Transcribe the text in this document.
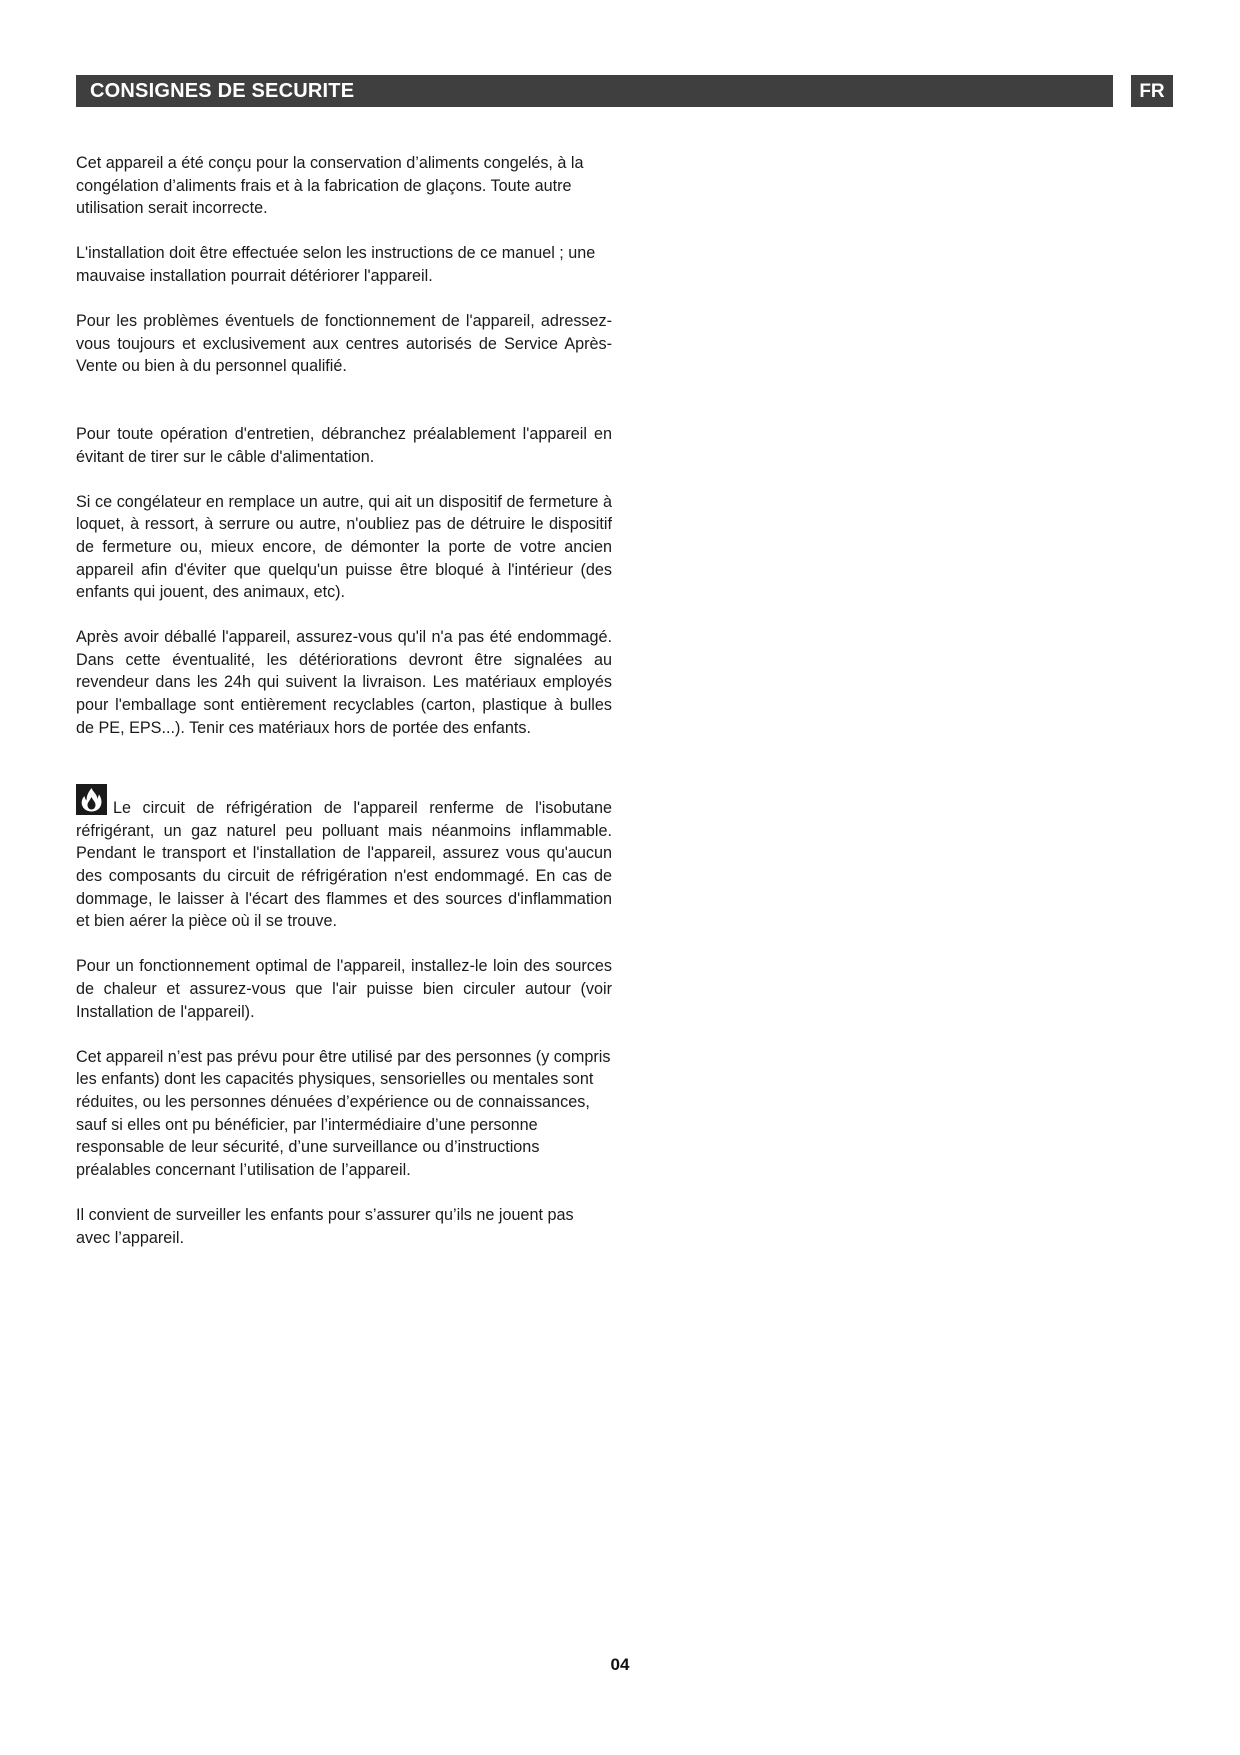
CONSIGNES DE SECURITE	FR

Cet appareil a été conçu pour la conservation d’aliments congelés, à la congélation d’aliments frais et à la fabrication de glaçons. Toute autre utilisation serait incorrecte.

L'installation doit être effectuée selon les instructions de ce manuel ; une mauvaise installation pourrait détériorer l'appareil.

Pour les problèmes éventuels de fonctionnement de l'appareil, adressez-vous toujours et exclusivement aux centres autorisés de Service Après-Vente ou bien à du personnel qualifié.

Pour toute opération d'entretien, débranchez préalablement l'appareil en évitant de tirer sur le câble d'alimentation.

Si ce congélateur en remplace un autre, qui ait un dispositif de fermeture à loquet, à ressort, à serrure ou autre, n'oubliez pas de détruire le dispositif de fermeture ou, mieux encore, de démonter la porte de votre ancien appareil afin d'éviter que quelqu'un puisse être bloqué à l'intérieur (des enfants qui jouent, des animaux, etc).

Après avoir déballé l'appareil, assurez-vous qu'il n'a pas été endommagé. Dans cette éventualité, les détériorations devront être signalées au revendeur dans les 24h qui suivent la livraison. Les matériaux employés pour l'emballage sont entièrement recyclables (carton, plastique à bulles de PE, EPS...). Tenir ces matériaux hors de portée des enfants.

Le circuit de réfrigération de l'appareil renferme de l'isobutane réfrigérant, un gaz naturel peu polluant mais néanmoins inflammable. Pendant le transport et l'installation de l'appareil, assurez vous qu'aucun des composants du circuit de réfrigération n'est endommagé. En cas de dommage, le laisser à l'écart des flammes et des sources d'inflammation et bien aérer la pièce où il se trouve.

Pour un fonctionnement optimal de l'appareil, installez-le loin des sources de chaleur et assurez-vous que l'air puisse bien circuler autour (voir Installation de l'appareil).

Cet appareil n’est pas prévu pour être utilisé par des personnes (y compris les enfants) dont les capacités physiques, sensorielles ou mentales sont réduites, ou les personnes dénuées d’expérience ou de connaissances, sauf si elles ont pu bénéficier, par l’intermédiaire d’une personne responsable de leur sécurité, d’une surveillance ou d’instructions préalables concernant l’utilisation de l’appareil.

Il convient de surveiller les enfants pour s’assurer qu’ils ne jouent pas avec l’appareil.

04
